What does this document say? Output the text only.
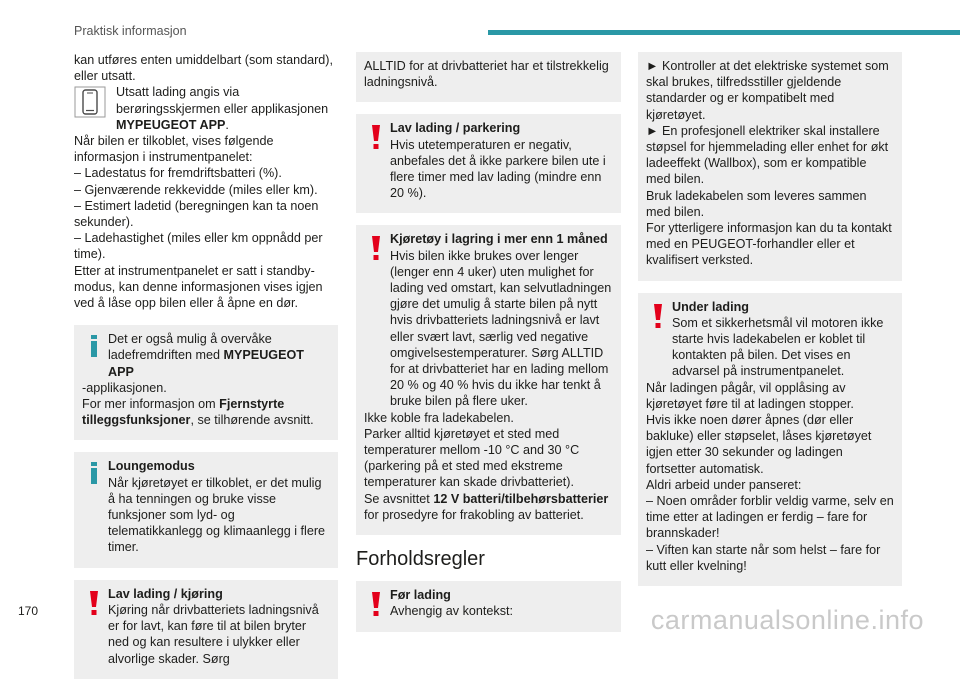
Praktisk informasjon

kan utføres enten umiddelbart (som standard), eller utsatt.

Utsatt lading angis via berøringsskjermen eller applikasjonen MYPEUGEOT APP.

Når bilen er tilkoblet, vises følgende informasjon i instrumentpanelet:

– Ladestatus for fremdriftsbatteri (%).

– Gjenværende rekkevidde (miles eller km).

– Estimert ladetid (beregningen kan ta noen sekunder).

– Ladehastighet (miles eller km oppnådd per time).

Etter at instrumentpanelet er satt i standby-modus, kan denne informasjonen vises igjen ved å låse opp bilen eller å åpne en dør.

Det er også mulig å overvåke ladefremdriften med MYPEUGEOT APP
-applikasjonen.
For mer informasjon om Fjernstyrte tilleggsfunksjoner, se tilhørende avsnitt.
Loungemodus
Når kjøretøyet er tilkoblet, er det mulig å ha tenningen og bruke visse funksjoner som lyd- og telematikkanlegg og klimaanlegg i flere timer.
Lav lading / kjøring
Kjøring når drivbatteriets ladningsnivå er for lavt, kan føre til at bilen bryter ned og kan resultere i ulykker eller alvorlige skader. Sørg
ALLTID for at drivbatteriet har et tilstrekkelig ladningsnivå.
Lav lading / parkering
Hvis utetemperaturen er negativ, anbefales det å ikke parkere bilen ute i flere timer med lav lading (mindre enn 20 %).
Kjøretøy i lagring i mer enn 1 måned
Hvis bilen ikke brukes over lenger (lenger enn 4 uker) uten mulighet for lading ved omstart, kan selvutladningen gjøre det umulig å starte bilen på nytt hvis drivbatteriets ladningsnivå er lavt eller svært lavt, særlig ved negative omgivelsestemperaturer. Sørg ALLTID for at drivbatteriet har en lading mellom 20 % og 40 % hvis du ikke har tenkt å bruke bilen på flere uker.
Ikke koble fra ladekabelen.
Parker alltid kjøretøyet et sted med temperaturer mellom -10 °C and 30 °C (parkering på et sted med ekstreme temperaturer kan skade drivbatteriet).
Se avsnittet 12 V batteri/tilbehørsbatterier for prosedyre for frakobling av batteriet.
Forholdsregler
Før lading
Avhengig av kontekst:
► Kontroller at det elektriske systemet som skal brukes, tilfredsstiller gjeldende standarder og er kompatibelt med kjøretøyet.
► En profesjonell elektriker skal installere støpsel for hjemmelading eller enhet for økt ladeeffekt (Wallbox), som er kompatible med bilen.
Bruk ladekabelen som leveres sammen med bilen.
For ytterligere informasjon kan du ta kontakt med en PEUGEOT-forhandler eller et kvalifisert verksted.
Under lading
Som et sikkerhetsmål vil motoren ikke starte hvis ladekabelen er koblet til kontakten på bilen. Det vises en advarsel på instrumentpanelet.
Når ladingen pågår, vil opplåsing av kjøretøyet føre til at ladingen stopper.
Hvis ikke noen dører åpnes (dør eller bakluke) eller støpselet, låses kjøretøyet igjen etter 30 sekunder og ladingen fortsetter automatisk.
Aldri arbeid under panseret:
– Noen områder forblir veldig varme, selv en time etter at ladingen er ferdig – fare for brannskader!
– Viften kan starte når som helst – fare for kutt eller kvelning!
170	carmanualsonline.info
